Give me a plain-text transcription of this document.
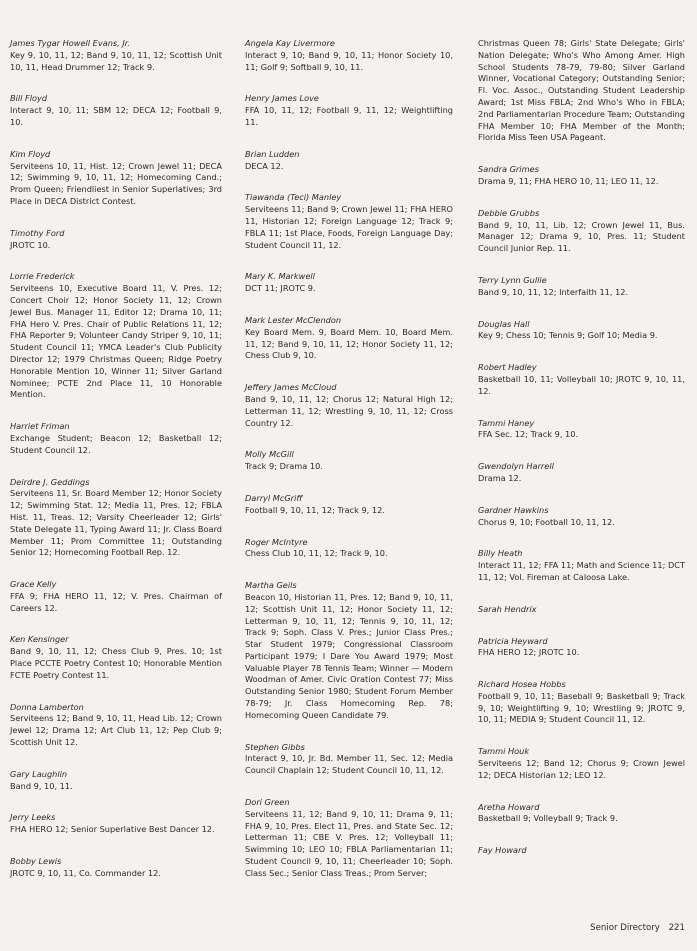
James Tygar Howell Evans, Jr.
Key 9, 10, 11, 12; Band 9, 10, 11, 12; Scottish Unit 10, 11, Head Drummer 12; Track 9.
Bill Floyd
Interact 9, 10, 11; SBM 12; DECA 12; Football 9, 10.
Kim Floyd
Serviteens 10, 11, Hist. 12; Crown Jewel 11; DECA 12; Swimming 9, 10, 11, 12; Homecoming Cand.; Prom Queen; Friendliest in Senior Superlatives; 3rd Place in DECA District Contest.
Timothy Ford
JROTC 10.
Lorrie Frederick
Serviteens 10, Executive Board 11, V. Pres. 12; Concert Choir 12; Honor Society 11, 12; Crown Jewel Bus. Manager 11, Editor 12; Drama 10, 11; FHA Hero V. Pres. Chair of Public Relations 11, 12; FHA Reporter 9; Volunteer Candy Striper 9, 10, 11; Student Council 11; YMCA Leader's Club Publicity Director 12; 1979 Christmas Queen; Ridge Poetry Honorable Mention 10, Winner 11; Silver Garland Nominee; PCTE 2nd Place 11, 10 Honorable Mention.
Harriet Friman
Exchange Student; Beacon 12; Basketball 12; Student Council 12.
Deirdre J. Geddings
Serviteens 11, Sr. Board Member 12; Honor Society 12; Swimming Stat. 12; Media 11, Pres. 12; FBLA Hist. 11, Treas. 12; Varsity Cheerleader 12; Girls' State Delegate 11, Typing Award 11; Jr. Class Board Member 11; Prom Committee 11; Outstanding Senior 12; Homecoming Football Rep. 12.
Grace Kelly
FFA 9; FHA HERO 11, 12; V. Pres. Chairman of Careers 12.
Ken Kensinger
Band 9, 10, 11, 12; Chess Club 9, Pres. 10; 1st Place PCCTE Poetry Contest 10; Honorable Mention FCTE Poetry Contest 11.
Donna Lamberton
Serviteens 12; Band 9, 10, 11, Head Lib. 12; Crown Jewel 12; Drama 12; Art Club 11, 12; Pep Club 9; Scottish Unit 12.
Gary Laughlin
Band 9, 10, 11.
Jerry Leeks
FHA HERO 12; Senior Superlative Best Dancer 12.
Bobby Lewis
JROTC 9, 10, 11, Co. Commander 12.
Angela Kay Livermore
Interact 9, 10; Band 9, 10, 11; Honor Society 10, 11; Golf 9; Softball 9, 10, 11.
Henry James Love
FFA 10, 11, 12; Football 9, 11, 12; Weightlifting 11.
Brian Ludden
DECA 12.
Tiawanda (Teci) Manley
Serviteens 11; Band 9; Crown Jewel 11; FHA HERO 11, Historian 12; Foreign Language 12; Track 9; FBLA 11; 1st Place, Foods, Foreign Language Day; Student Council 11, 12.
Mary K. Markwell
DCT 11; JROTC 9.
Mark Lester McClendon
Key Board Mem. 9, Board Mem. 10, Board Mem. 11, 12; Band 9, 10, 11, 12; Honor Society 11, 12; Chess Club 9, 10.
Jeffery James McCloud
Band 9, 10, 11, 12; Chorus 12; Natural High 12; Letterman 11, 12; Wrestling 9, 10, 11, 12; Cross Country 12.
Molly McGill
Track 9; Drama 10.
Darryl McGriff
Football 9, 10, 11, 12; Track 9, 12.
Roger McIntyre
Chess Club 10, 11, 12; Track 9, 10.
Martha Geils
Beacon 10, Historian 11, Pres. 12; Band 9, 10, 11, 12; Scottish Unit 11, 12; Honor Society 11, 12; Letterman 9, 10, 11, 12; Tennis 9, 10, 11, 12; Track 9; Soph. Class V. Pres.; Junior Class Pres.; Star Student 1979; Congressional Classroom Participant 1979; I Dare You Award 1979; Most Valuable Player 78 Tennis Team; Winner — Modern Woodman of Amer. Civic Oration Contest 77; Miss Outstanding Senior 1980; Student Forum Member 78-79; Jr. Class Homecoming Rep. 78; Homecoming Queen Candidate 79.
Stephen Gibbs
Interact 9, 10, Jr. Bd. Member 11, Sec. 12; Media Council Chaplain 12; Student Council 10, 11, 12.
Dori Green
Serviteens 11, 12; Band 9, 10, 11; Drama 9, 11; FHA 9, 10, Pres. Elect 11, Pres. and State Sec. 12; Letterman 11; CBE V. Pres. 12; Volleyball 11; Swimming 10; LEO 10; FBLA Parliamentarian 11; Student Council 9, 10, 11; Cheerleader 10; Soph. Class Sec.; Senior Class Treas.; Prom Server;
Christmas Queen 78; Girls' State Delegate; Girls' Nation Delegate; Who's Who Among Amer. High School Students 78-79, 79-80; Silver Garland Winner, Vocational Category; Outstanding Senior; Fl. Voc. Assoc., Outstanding Student Leadership Award; 1st Miss FBLA; 2nd Who's Who in FBLA; 2nd Parliamentarian Procedure Team; Outstanding FHA Member 10; FHA Member of the Month; Florida Miss Teen USA Pageant.
Sandra Grimes
Drama 9, 11; FHA HERO 10, 11; LEO 11, 12.
Debbie Grubbs
Band 9, 10, 11, Lib. 12; Crown Jewel 11, Bus. Manager 12; Drama 9, 10, Pres. 11; Student Council Junior Rep. 11.
Terry Lynn Gullie
Band 9, 10, 11, 12; Interfaith 11, 12.
Douglas Hall
Key 9; Chess 10; Tennis 9; Golf 10; Media 9.
Robert Hadley
Basketball 10, 11; Volleyball 10; JROTC 9, 10, 11, 12.
Tammi Haney
FFA Sec. 12; Track 9, 10.
Gwendolyn Harrell
Drama 12.
Gardner Hawkins
Chorus 9, 10; Football 10, 11, 12.
Billy Heath
Interact 11, 12; FFA 11; Math and Science 11; DCT 11, 12; Vol. Fireman at Caloosa Lake.
Sarah Hendrix
Patricia Heyward
FHA HERO 12; JROTC 10.
Richard Hosea Hobbs
Football 9, 10, 11; Baseball 9; Basketball 9; Track 9, 10; Weightlifting 9, 10; Wrestling 9; JROTC 9, 10, 11; MEDIA 9; Student Council 11, 12.
Tammi Houk
Serviteens 12; Band 12; Chorus 9; Crown Jewel 12; DECA Historian 12; LEO 12.
Aretha Howard
Basketball 9; Volleyball 9; Track 9.
Fay Howard
Senior Directory 221
